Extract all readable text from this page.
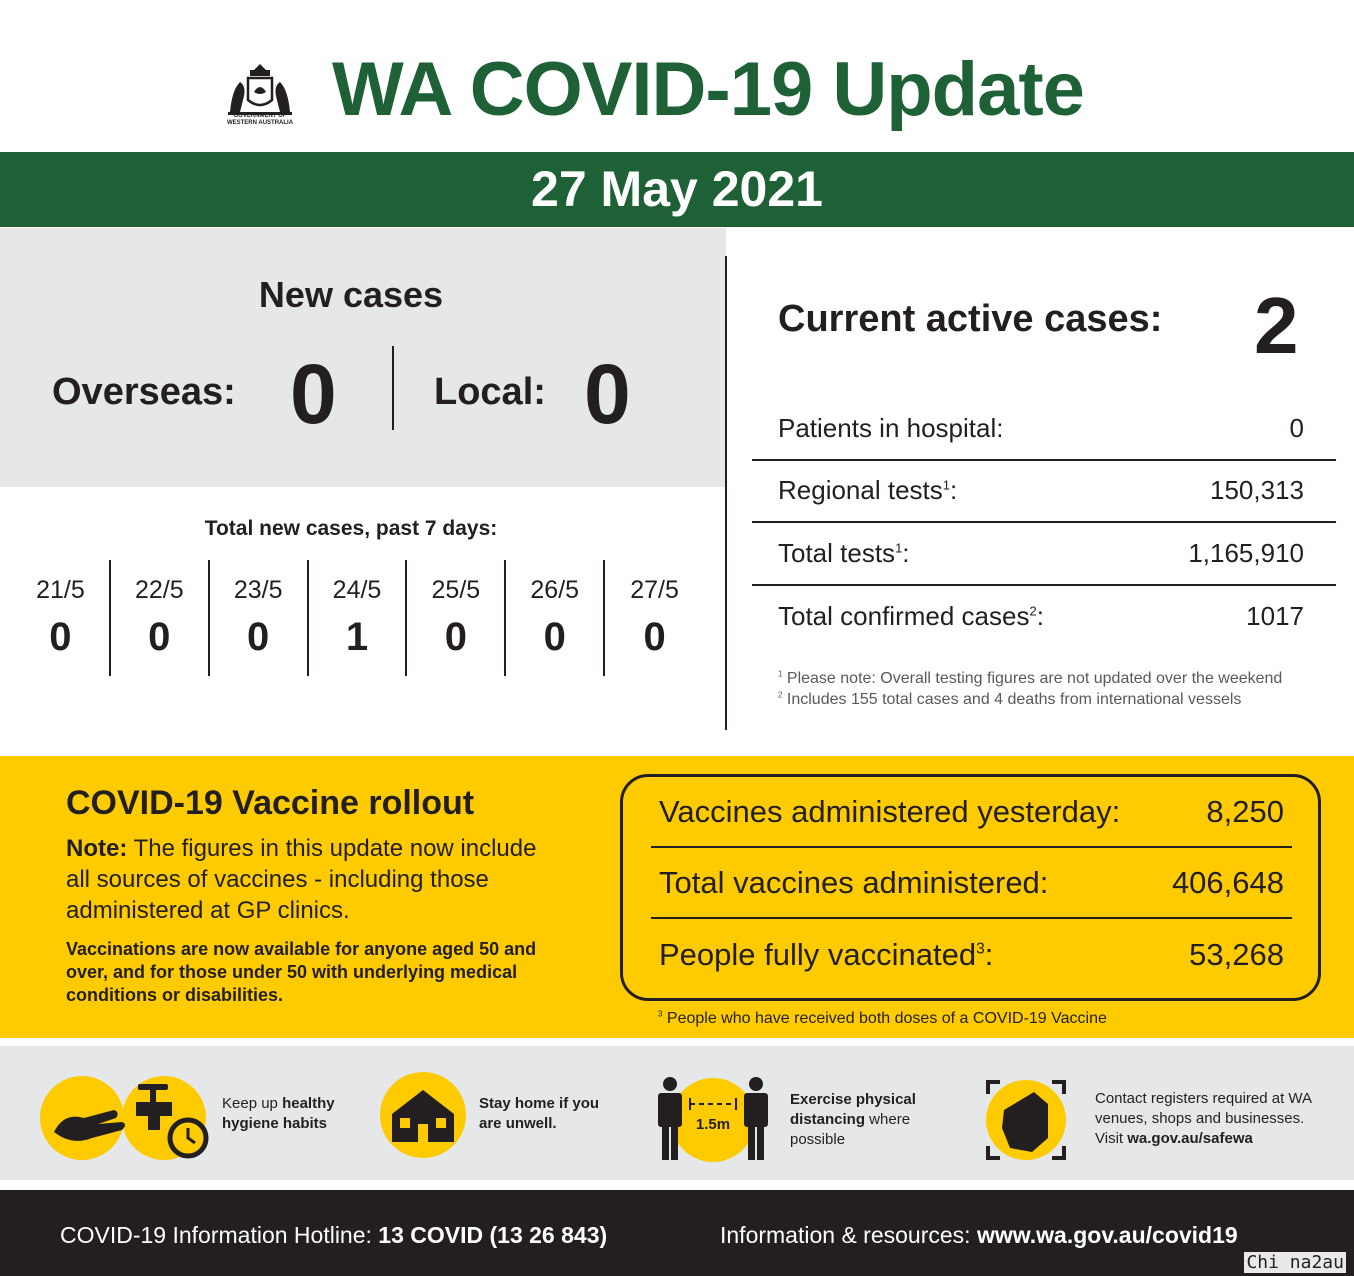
GOVERNMENT OF
WESTERN AUSTRALIA WA COVID-19 Update
27 May 2021
New cases
Overseas: 0	Local: 0
Total new cases, past 7 days:
21/5
0
22/5
0
23/5
0
24/5
1
25/5
0
26/5
0
27/5
0
Current active cases: 2
Patients in hospital:	0
Regional tests$^1$:	150,313
Total tests$^1$:	1,165,910
Total confirmed cases$^2$:	1017
$^1$ Please note: Overall testing figures are not updated over the weekend
$^2$ Includes 155 total cases and 4 deaths from international vessels
COVID-19 Vaccine rollout
Note: The figures in this update now include all sources of vaccines - including those administered at GP clinics.
Vaccinations are now available for anyone aged 50 and over, and for those under 50 with underlying medical conditions or disabilities.
Vaccines administered yesterday:	8,250
Total vaccines administered:	406,648
People fully vaccinated$^3$:	53,268
$^3$ People who have received both doses of a COVID-19 Vaccine
Keep up healthy hygiene habits
Stay home if you are unwell.	1.5m
Exercise physical distancing where possible
Contact registers required at WA venues, shops and businesses. Visit wa.gov.au/safewa
COVID-19 Information Hotline: 13 COVID (13 26 843)	Information & resources: www.wa.gov.au/covid19
Chi na2au
